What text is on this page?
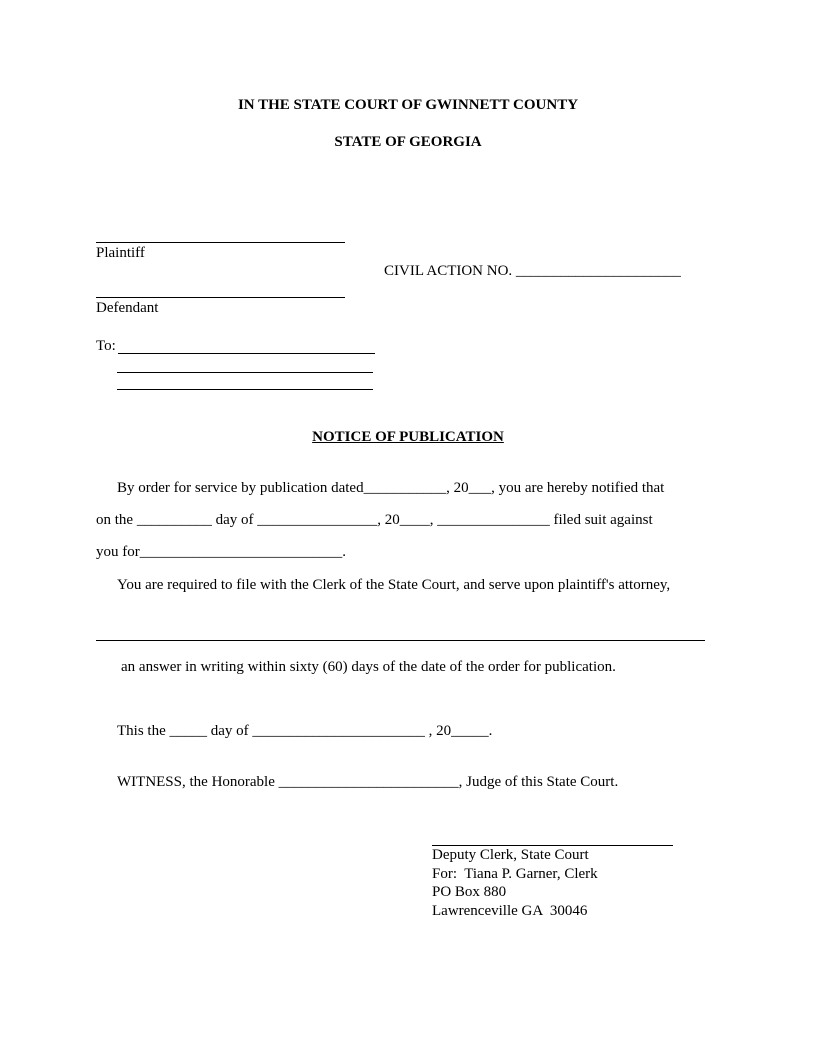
IN THE STATE COURT OF GWINNETT COUNTY
STATE OF GEORGIA
Plaintiff
CIVIL ACTION NO. ______________________
Defendant
To:
NOTICE OF PUBLICATION
By order for service by publication dated___________, 20___, you are hereby notified that
on the __________ day of ________________, 20____, _______________ filed suit against
you for___________________________.
You are required to file with the Clerk of the State Court, and serve upon plaintiff's attorney,
an answer in writing within sixty (60) days of the date of the order for publication.
This the _____ day of _______________________ , 20_____.
WITNESS, the Honorable ________________________, Judge of this State Court.
Deputy Clerk, State Court
For:  Tiana P. Garner, Clerk
PO Box 880
Lawrenceville GA  30046
